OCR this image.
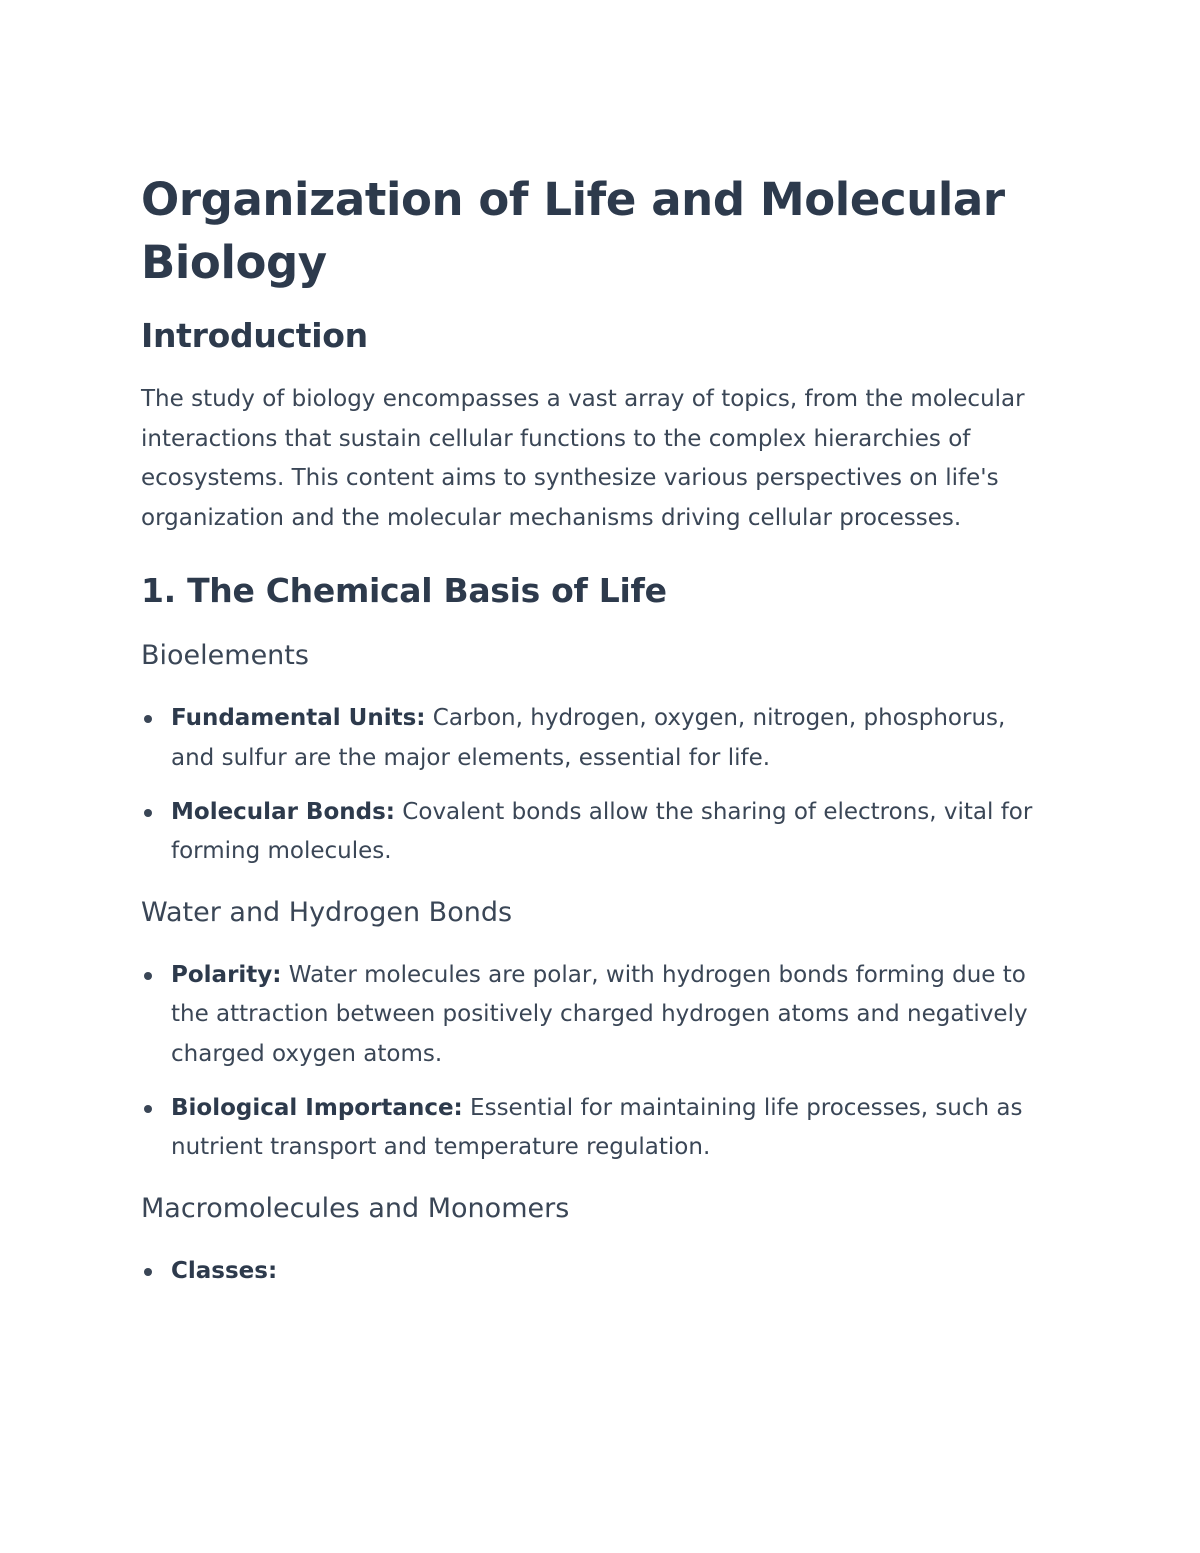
Organization of Life and Molecular Biology
Introduction

The study of biology encompasses a vast array of topics, from the molecular interactions that sustain cellular functions to the complex hierarchies of ecosystems. This content aims to synthesize various perspectives on life's organization and the molecular mechanisms driving cellular processes.

1. The Chemical Basis of Life
Bioelements
Fundamental Units: Carbon, hydrogen, oxygen, nitrogen, phosphorus, and sulfur are the major elements, essential for life.
Molecular Bonds: Covalent bonds allow the sharing of electrons, vital for forming molecules.
Water and Hydrogen Bonds
Polarity: Water molecules are polar, with hydrogen bonds forming due to the attraction between positively charged hydrogen atoms and negatively charged oxygen atoms.
Biological Importance: Essential for maintaining life processes, such as nutrient transport and temperature regulation.
Macromolecules and Monomers
Classes:
